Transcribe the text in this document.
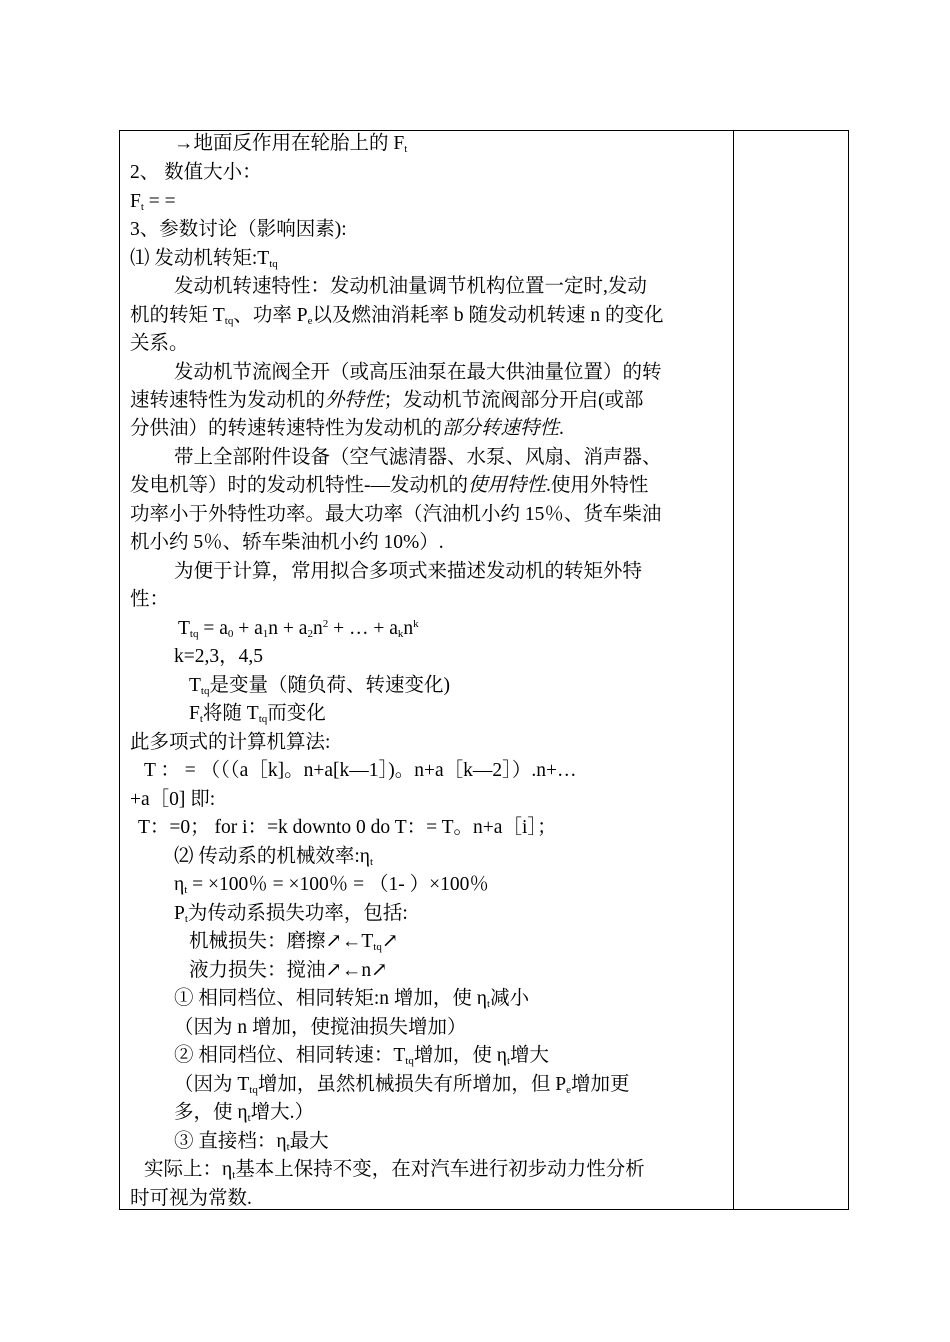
→地面反作用在轮胎上的 $F_t$
2、 数值大小：
$F_t$ = =
3、参数讨论（影响因素):
⑴ 发动机转矩$:T_{tq}$
发动机转速特性：发动机油量调节机构位置一定时,发动
机的转矩 $T_{tq}$、功率 $P_e$以及燃油消耗率 b 随发动机转速 n 的变化
关系。
发动机节流阀全开（或高压油泵在最大供油量位置）的转
速转速特性为发动机的外特性；发动机节流阀部分开启(或部
分供油）的转速转速特性为发动机的部分转速特性.
带上全部附件设备（空气滤清器、水泵、风扇、消声器、
发电机等）时的发动机特性-—发动机的使用特性.使用外特性
功率小于外特性功率。最大功率（汽油机小约 15％、货车柴油
机小约 5％、轿车柴油机小约 10%）.
为便于计算，常用拟合多项式来描述发动机的转矩外特
性：
$T_{tq} = a_0 + a_1n + a_2n^2$ + … + $a_kn^k$
k=2,3，4,5
$T_{tq}$是变量（随负荷、转速变化)
$F_t$将随 $T_{tq}$而变化
此多项式的计算机算法:
T ： = （（（a［k]。n+a[k—1］)。n+a［k—2］）.n+…
+a［0] 即:
T：=0； for i：=k downto 0 do T：= T。n+a［i］；
⑵ 传动系的机械效率$:\eta_t$
$\eta_t = \times 100$％ = ×100％ = （1- ）×100％
$P_t$为传动系损失功率，包括:
机械损失：磨擦$↗\leftarrow T_{tq}↗$
液力损失：搅油↗←n↗
① 相同档位、相同转矩:n 增加，使 $\eta_t$减小
（因为 n 增加，使搅油损失增加）
② 相同档位、相同转速：$T_{tq}$增加，使 $\eta_t$增大
（因为 $T_{tq}$增加，虽然机械损失有所增加，但 $P_e$增加更
多，使 $\eta_t$增大.）
③ 直接档：$\eta_t$最大
实际上：$\eta_t$基本上保持不变，在对汽车进行初步动力性分析
时可视为常数.
